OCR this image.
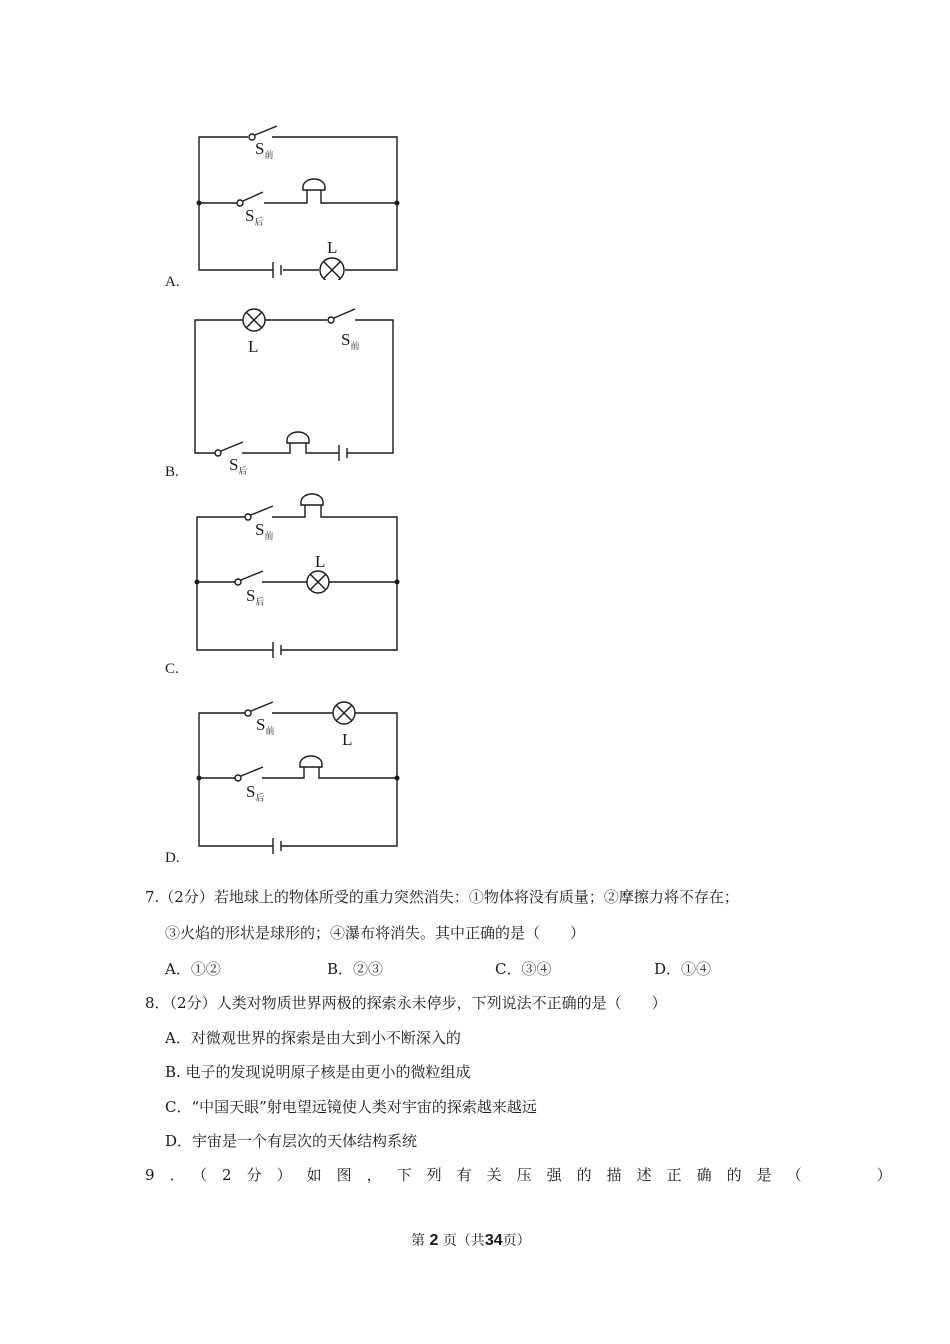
$S_前$
$S_后$
L
A.
L	$S_前$
$S_后$
B.
$S_前$
$S_后$
L
C.
$S_前$	L
$S_后$
D.
7.（2分）若地球上的物体所受的重力突然消失：①物体将没有质量；②摩擦力将不存在；
③火焰的形状是球形的；④瀑布将消失。其中正确的是（　　）
A．①②	B．②③	C．③④	D．①④
8．（2分）人类对物质世界两极的探索永未停步，下列说法不正确的是（　　）
A．对微观世界的探索是由大到小不断深入的
B. 电子的发现说明原子核是由更小的微粒组成
C．“中国天眼”射电望远镜使人类对宇宙的探索越来越远
D．宇宙是一个有层次的天体结构系统
9．（2分）如图，下列有关压强的描述正确的是（　　）
第 2 页（共34页）
